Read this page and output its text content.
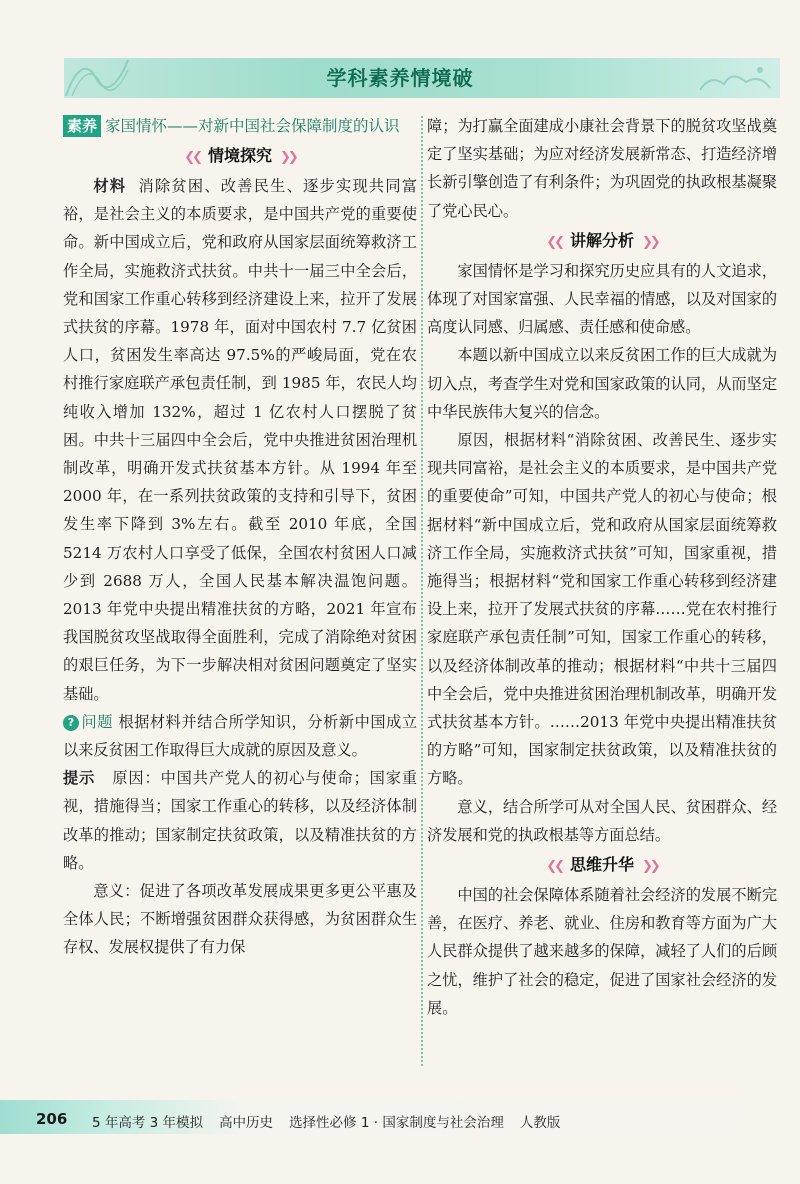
学科素养情境破
素养 家国情怀——对新中国社会保障制度的认识
❮❮ 情境探究 ❯❯

材料 消除贫困、改善民生、逐步实现共同富裕，是社会主义的本质要求，是中国共产党的重要使命。新中国成立后，党和政府从国家层面统筹救济工作全局，实施救济式扶贫。中共十一届三中全会后，党和国家工作重心转移到经济建设上来，拉开了发展式扶贫的序幕。1978 年，面对中国农村 7.7 亿贫困人口，贫困发生率高达 97.5%的严峻局面，党在农村推行家庭联产承包责任制，到 1985 年，农民人均纯收入增加 132%，超过 1 亿农村人口摆脱了贫困。中共十三届四中全会后，党中央推进贫困治理机制改革，明确开发式扶贫基本方针。从 1994 年至 2000 年，在一系列扶贫政策的支持和引导下，贫困发生率下降到 3%左右。截至 2010 年底，全国 5214 万农村人口享受了低保，全国农村贫困人口减少到 2688 万人，全国人民基本解决温饱问题。2013 年党中央提出精准扶贫的方略，2021 年宣布我国脱贫攻坚战取得全面胜利，完成了消除绝对贫困的艰巨任务，为下一步解决相对贫困问题奠定了坚实基础。

? 问题 根据材料并结合所学知识，分析新中国成立以来反贫困工作取得巨大成就的原因及意义。

提示 原因：中国共产党人的初心与使命；国家重视，措施得当；国家工作重心的转移，以及经济体制改革的推动；国家制定扶贫政策，以及精准扶贫的方略。

意义：促进了各项改革发展成果更多更公平惠及全体人民；不断增强贫困群众获得感，为贫困群众生存权、发展权提供了有力保

障；为打赢全面建成小康社会背景下的脱贫攻坚战奠定了坚实基础；为应对经济发展新常态、打造经济增长新引擎创造了有利条件；为巩固党的执政根基凝聚了党心民心。

❮❮ 讲解分析 ❯❯

家国情怀是学习和探究历史应具有的人文追求，体现了对国家富强、人民幸福的情感，以及对国家的高度认同感、归属感、责任感和使命感。

本题以新中国成立以来反贫困工作的巨大成就为切入点，考查学生对党和国家政策的认同，从而坚定中华民族伟大复兴的信念。

原因，根据材料“消除贫困、改善民生、逐步实现共同富裕，是社会主义的本质要求，是中国共产党的重要使命”可知，中国共产党人的初心与使命；根据材料“新中国成立后，党和政府从国家层面统筹救济工作全局，实施救济式扶贫”可知，国家重视，措施得当；根据材料“党和国家工作重心转移到经济建设上来，拉开了发展式扶贫的序幕……党在农村推行家庭联产承包责任制”可知，国家工作重心的转移，以及经济体制改革的推动；根据材料“中共十三届四中全会后，党中央推进贫困治理机制改革，明确开发式扶贫基本方针。……2013 年党中央提出精准扶贫的方略”可知，国家制定扶贫政策，以及精准扶贫的方略。

意义，结合所学可从对全国人民、贫困群众、经济发展和党的执政根基等方面总结。

❮❮ 思维升华 ❯❯

中国的社会保障体系随着社会经济的发展不断完善，在医疗、养老、就业、住房和教育等方面为广大人民群众提供了越来越多的保障，减轻了人们的后顾之忧，维护了社会的稳定，促进了国家社会经济的发展。

206 5 年高考 3 年模拟 高中历史 选择性必修 1 · 国家制度与社会治理 人教版
